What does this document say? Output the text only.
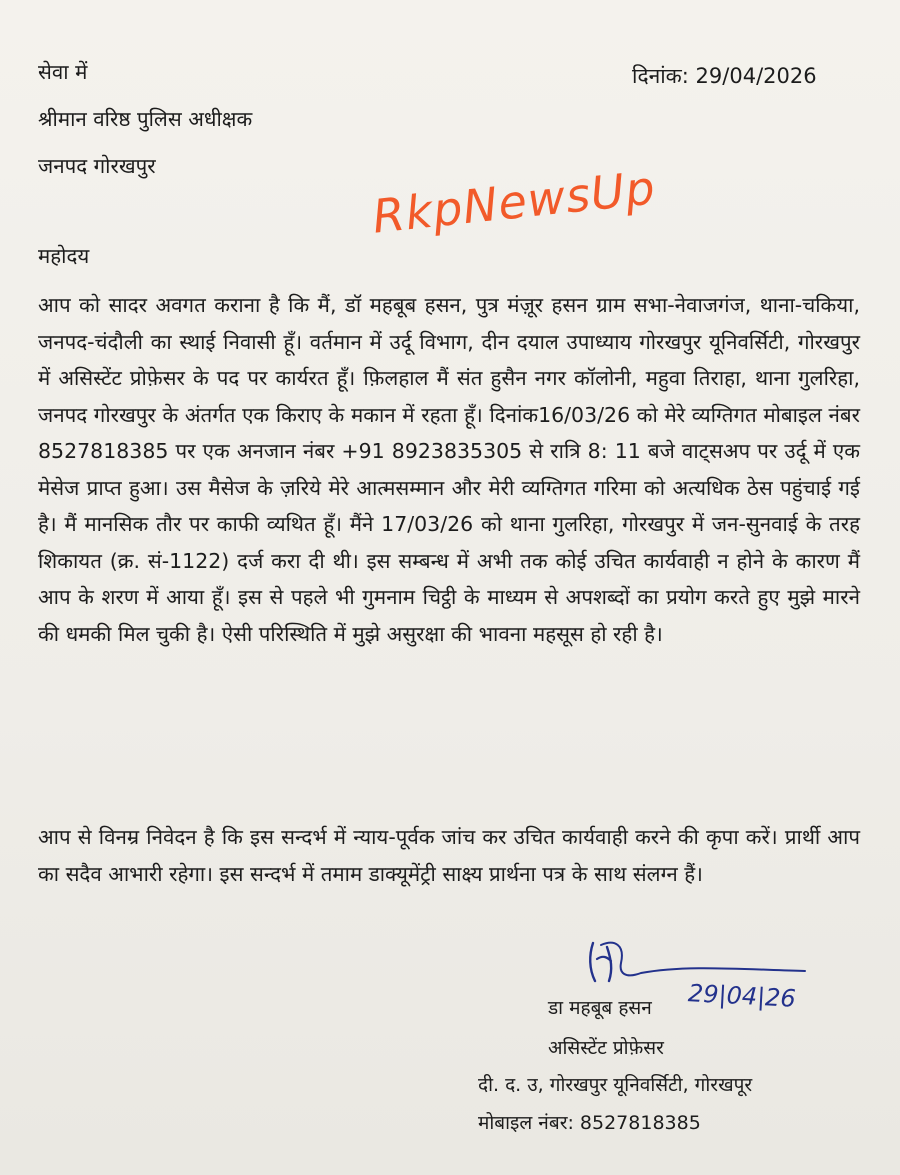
सेवा में
श्रीमान वरिष्ठ पुलिस अधीक्षक
जनपद गोरखपुर
दिनांक: 29/04/2026
RkpNewsUp
महोदय
आप को सादर अवगत कराना है कि मैं, डॉ महबूब हसन, पुत्र मंज़ूर हसन ग्राम सभा-नेवाजगंज, थाना-चकिया, जनपद-चंदौली का स्थाई निवासी हूँ। वर्तमान में उर्दू विभाग, दीन दयाल उपाध्याय गोरखपुर यूनिवर्सिटी, गोरखपुर में असिस्टेंट प्रोफ़ेसर के पद पर कार्यरत हूँ। फ़िलहाल मैं संत हुसैन नगर कॉलोनी, महुवा तिराहा, थाना गुलरिहा, जनपद गोरखपुर के अंतर्गत एक किराए के मकान में रहता हूँ। दिनांक16/03/26 को मेरे व्यग्तिगत मोबाइल नंबर 8527818385 पर एक अनजान नंबर +91 8923835305 से रात्रि 8: 11 बजे वाट्सअप पर उर्दू में एक मेसेज प्राप्त हुआ। उस मैसेज के ज़रिये मेरे आत्मसम्मान और मेरी व्यग्तिगत गरिमा को अत्यधिक ठेस पहुंचाई गई है। मैं मानसिक तौर पर काफी व्यथित हूँ। मैंने 17/03/26 को थाना गुलरिहा, गोरखपुर में जन-सुनवाई के तरह शिकायत (क्र. सं-1122) दर्ज करा दी थी। इस सम्बन्ध में अभी तक कोई उचित कार्यवाही न होने के कारण मैं आप के शरण में आया हूँ। इस से पहले भी गुमनाम चिट्ठी के माध्यम से अपशब्दों का प्रयोग करते हुए मुझे मारने की धमकी मिल चुकी है। ऐसी परिस्थिति में मुझे असुरक्षा की भावना महसूस हो रही है।
आप से विनम्र निवेदन है कि इस सन्दर्भ में न्याय-पूर्वक जांच कर उचित कार्यवाही करने की कृपा करें। प्रार्थी आप का सदैव आभारी रहेगा। इस सन्दर्भ में तमाम डाक्यूमेंट्री साक्ष्य प्रार्थना पत्र के साथ संलग्न हैं।
29|04|26
डा महबूब हसन
असिस्टेंट प्रोफ़ेसर
दी. द. उ, गोरखपुर यूनिवर्सिटी, गोरखपूर
मोबाइल नंबर: 8527818385
